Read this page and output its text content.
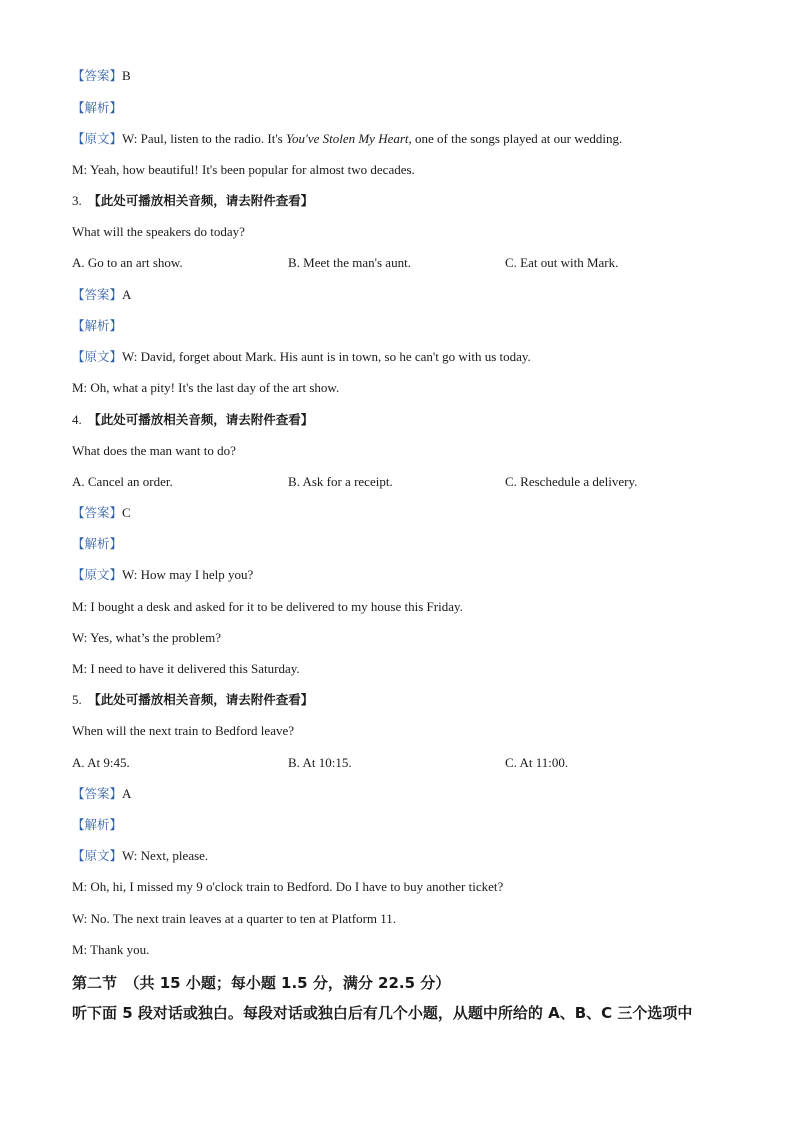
【答案】B
【解析】
【原文】W: Paul, listen to the radio. It's You've Stolen My Heart, one of the songs played at our wedding.
M: Yeah, how beautiful! It's been popular for almost two decades.
3. 【此处可播放相关音频，请去附件查看】
What will the speakers do today?
A. Go to an art show.	B. Meet the man's aunt.	C. Eat out with Mark.
【答案】A
【解析】
【原文】W: David, forget about Mark. His aunt is in town, so he can't go with us today.
M: Oh, what a pity! It's the last day of the art show.
4. 【此处可播放相关音频，请去附件查看】
What does the man want to do?
A. Cancel an order.	B. Ask for a receipt.	C. Reschedule a delivery.
【答案】C
【解析】
【原文】W: How may I help you?
M: I bought a desk and asked for it to be delivered to my house this Friday.
W: Yes, what’s the problem?
M: I need to have it delivered this Saturday.
5. 【此处可播放相关音频，请去附件查看】
When will the next train to Bedford leave?
A. At 9:45.	B. At 10:15.	C. At 11:00.
【答案】A
【解析】
【原文】W: Next, please.
M: Oh, hi, I missed my 9 o'clock train to Bedford. Do I have to buy another ticket?
W: No. The next train leaves at a quarter to ten at Platform 11.
M: Thank you.
第二节　（共 15 小题；每小题 1.5 分，满分 22.5 分）
听下面 5 段对话或独白。每段对话或独白后有几个小题，从题中所给的 A、B、C 三个选项中
